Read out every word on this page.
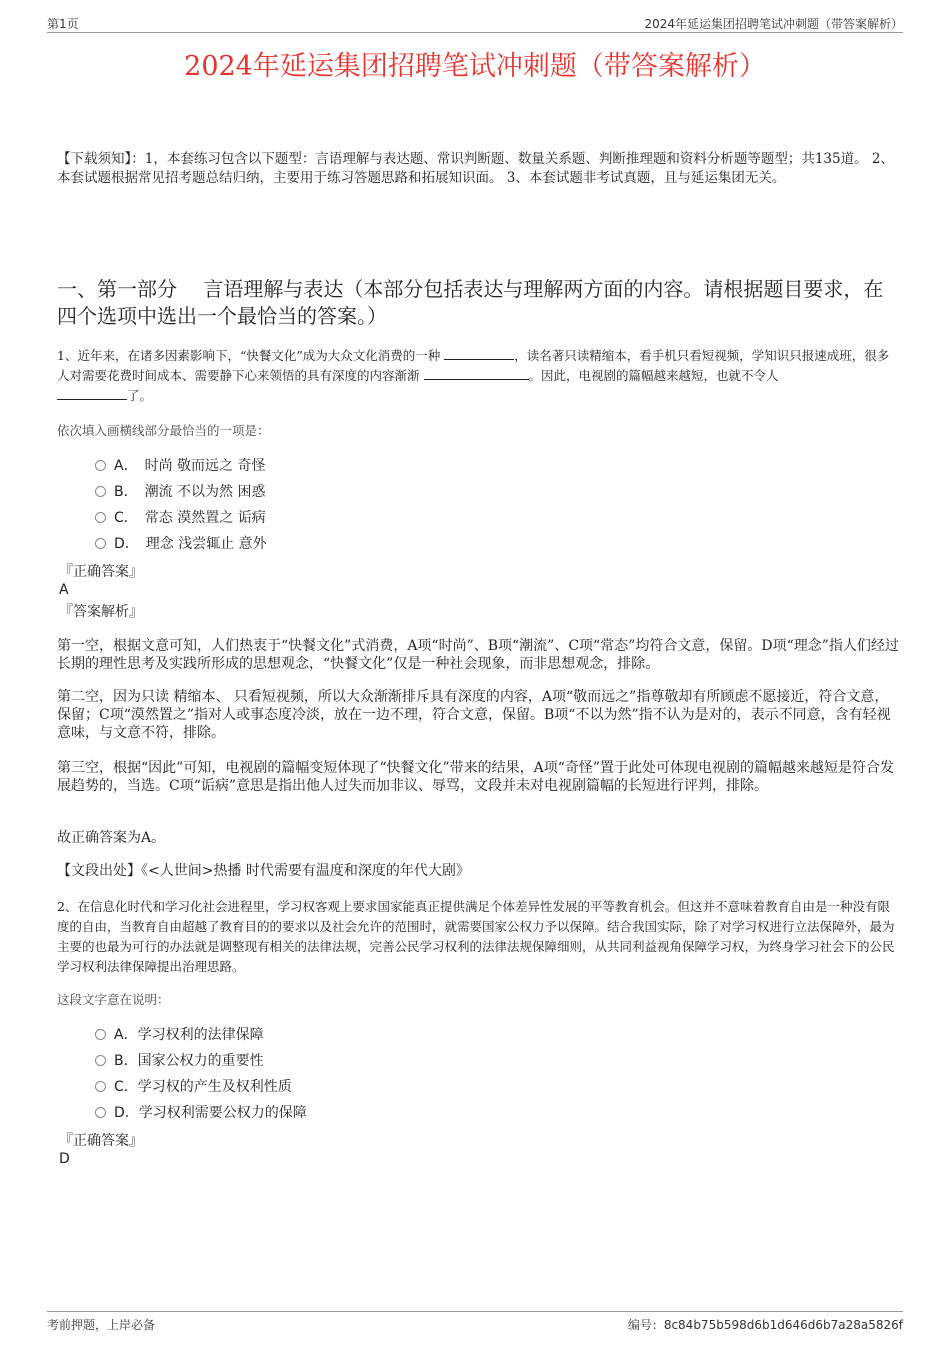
第1页	2024年延运集团招聘笔试冲刺题（带答案解析）
2024年延运集团招聘笔试冲刺题（带答案解析）
【下载须知】：1，本套练习包含以下题型：言语理解与表达题、常识判断题、数量关系题、判断推理题和资料分析题等题型；共135道。 2、本套试题根据常见招考题总结归纳，主要用于练习答题思路和拓展知识面。 3、本套试题非考试真题，且与延运集团无关。
一、第一部分　 言语理解与表达（本部分包括表达与理解两方面的内容。请根据题目要求，在四个选项中选出一个最恰当的答案。）
1、近年来，在诸多因素影响下，“快餐文化”成为大众文化消费的一种	，读名著只读精缩本，看手机只看短视频，学知识只报速成班，很多人对需要花费时间成本、需要静下心来领悟的具有深度的内容渐渐	。因此，电视剧的篇幅越来越短，也就不令人
了。
依次填入画横线部分最恰当的一项是：
A．　时尚 敬而远之 奇怪
B．　潮流 不以为然 困惑
C．　常态 漠然置之 诟病
D．　理念 浅尝辄止 意外
『正确答案』
A
『答案解析』
第一空，根据文意可知，人们热衷于“快餐文化”式消费，A项“时尚”、B项“潮流”、C项“常态”均符合文意，保留。D项“理念”指人们经过长期的理性思考及实践所形成的思想观念，“快餐文化”仅是一种社会现象，而非思想观念，排除。
第二空，因为只读 精缩本、 只看短视频，所以大众渐渐排斥具有深度的内容，A项“敬而远之”指尊敬却有所顾虑不愿接近，符合文意，保留；C项“漠然置之”指对人或事态度冷淡，放在一边不理，符合文意，保留。B项“不以为然”指不认为是对的，表示不同意，含有轻视意味，与文意不符，排除。
第三空，根据“因此”可知，电视剧的篇幅变短体现了“快餐文化”带来的结果，A项“奇怪”置于此处可体现电视剧的篇幅越来越短是符合发展趋势的，当选。C项“诟病”意思是指出他人过失而加非议、辱骂，文段并未对电视剧篇幅的长短进行评判，排除。
故正确答案为A。
【文段出处】《<人世间>热播 时代需要有温度和深度的年代大剧》
2、在信息化时代和学习化社会进程里，学习权客观上要求国家能真正提供满足个体差异性发展的平等教育机会。但这并不意味着教育自由是一种没有限度的自由，当教育自由超越了教育目的的要求以及社会允许的范围时，就需要国家公权力予以保障。结合我国实际，除了对学习权进行立法保障外，最为主要的也最为可行的办法就是调整现有相关的法律法规，完善公民学习权利的法律法规保障细则，从共同利益视角保障学习权，为终身学习社会下的公民学习权利法律保障提出治理思路。
这段文字意在说明：
A．学习权利的法律保障
B．国家公权力的重要性
C．学习权的产生及权利性质
D．学习权利需要公权力的保障
『正确答案』
D
考前押题，上岸必备	编号：8c84b75b598d6b1d646d6b7a28a5826f
